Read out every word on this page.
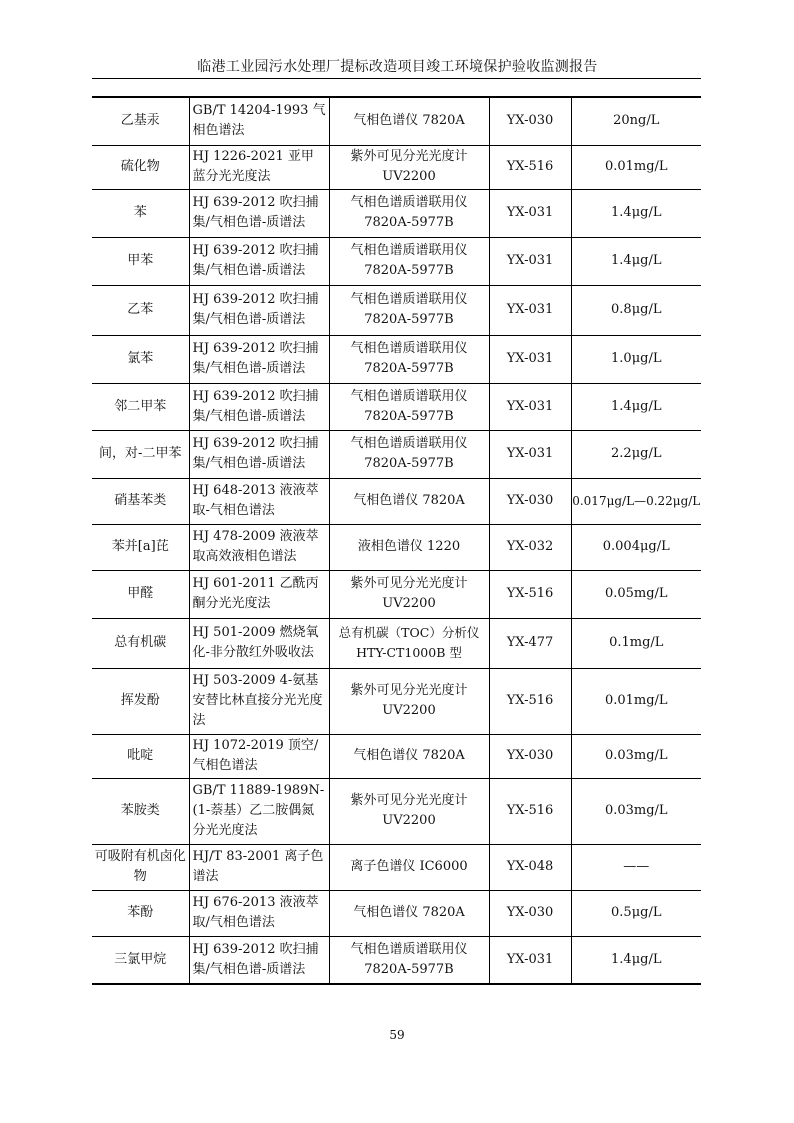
临港工业园污水处理厂提标改造项目竣工环境保护验收监测报告
乙基汞	GB/T 14204-1993 气相色谱法	气相色谱仪 7820A	YX-030	20ng/L
硫化物	HJ 1226-2021 亚甲蓝分光光度法	紫外可见分光光度计 UV2200	YX-516	0.01mg/L
苯	HJ 639-2012 吹扫捕集/气相色谱-质谱法	气相色谱质谱联用仪 7820A-5977B	YX-031	1.4μg/L
甲苯	HJ 639-2012 吹扫捕集/气相色谱-质谱法	气相色谱质谱联用仪 7820A-5977B	YX-031	1.4μg/L
乙苯	HJ 639-2012 吹扫捕集/气相色谱-质谱法	气相色谱质谱联用仪 7820A-5977B	YX-031	0.8μg/L
氯苯	HJ 639-2012 吹扫捕集/气相色谱-质谱法	气相色谱质谱联用仪 7820A-5977B	YX-031	1.0μg/L
邻二甲苯	HJ 639-2012 吹扫捕集/气相色谱-质谱法	气相色谱质谱联用仪 7820A-5977B	YX-031	1.4μg/L
间，对-二甲苯	HJ 639-2012 吹扫捕集/气相色谱-质谱法	气相色谱质谱联用仪 7820A-5977B	YX-031	2.2μg/L
硝基苯类	HJ 648-2013 液液萃取-气相色谱法	气相色谱仪 7820A	YX-030	0.017μg/L—0.22μg/L
苯并[a]芘	HJ 478-2009 液液萃取高效液相色谱法	液相色谱仪 1220	YX-032	0.004μg/L
甲醛	HJ 601-2011 乙酰丙酮分光光度法	紫外可见分光光度计 UV2200	YX-516	0.05mg/L
总有机碳	HJ 501-2009 燃烧氧化-非分散红外吸收法	总有机碳（TOC）分析仪 HTY-CT1000B 型	YX-477	0.1mg/L
挥发酚	HJ 503-2009 4-氨基安替比林直接分光光度法	紫外可见分光光度计 UV2200	YX-516	0.01mg/L
吡啶	HJ 1072-2019 顶空/气相色谱法	气相色谱仪 7820A	YX-030	0.03mg/L
苯胺类	GB/T 11889-1989N-(1-萘基）乙二胺偶氮分光光度法	紫外可见分光光度计 UV2200	YX-516	0.03mg/L
可吸附有机卤化物	HJ/T 83-2001 离子色谱法	离子色谱仪 IC6000	YX-048	——
苯酚	HJ 676-2013 液液萃取/气相色谱法	气相色谱仪 7820A	YX-030	0.5μg/L
三氯甲烷	HJ 639-2012 吹扫捕集/气相色谱-质谱法	气相色谱质谱联用仪 7820A-5977B	YX-031	1.4μg/L
59
